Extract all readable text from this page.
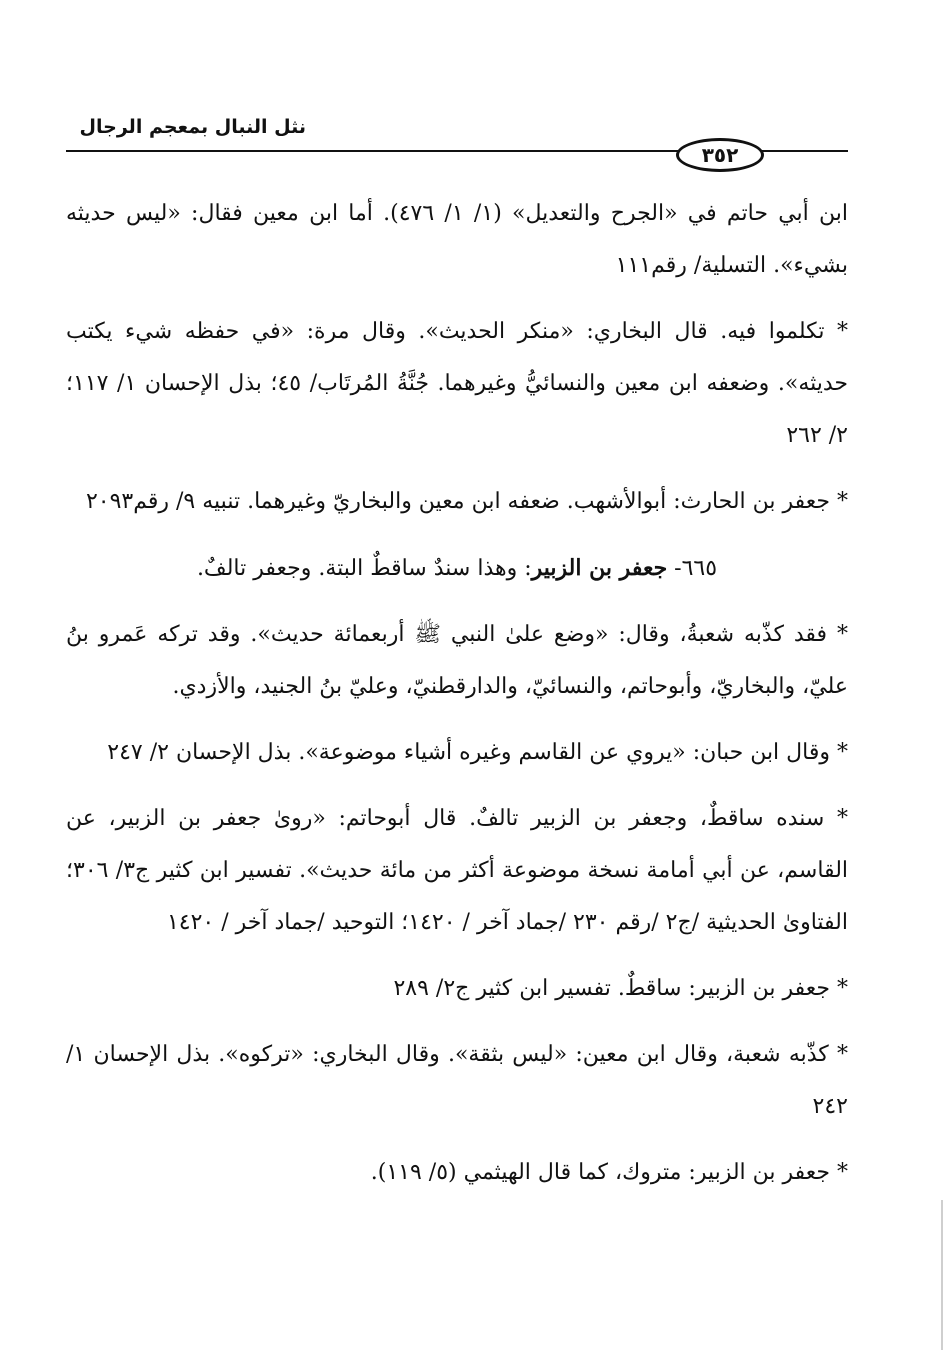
نثل النبال بمعجم الرجال
٣٥٢

ابن أبي حاتم في «الجرح والتعديل» (١/ ١/ ٤٧٦). أما ابن معين فقال: «ليس حديثه بشيء». التسلية/ رقم١١١

* تكلموا فيه. قال البخاري: «منكر الحديث». وقال مرة: «في حفظه شيء يكتب حديثه». وضعفه ابن معين والنسائيُّ وغيرهما. جُنَّةُ المُرتَاب/ ٤٥؛ بذل الإحسان ١/ ١١٧؛ ٢/ ٢٦٢

* جعفر بن الحارث: أبوالأشهب. ضعفه ابن معين والبخاريّ وغيرهما. تنبيه ٩/ رقم٢٠٩٣

٦٦٥- جعفر بن الزبير: وهذا سندٌ ساقطٌ البتة. وجعفر تالفٌ.

* فقد كذّبه شعبةُ، وقال: «وضع علىٰ النبي ﷺ أربعمائة حديث». وقد تركه عَمرو بنُ عليّ، والبخاريّ، وأبوحاتم، والنسائيّ، والدارقطنيّ، وعليّ بنُ الجنيد، والأزدي.

* وقال ابن حبان: «يروي عن القاسم وغيره أشياء موضوعة». بذل الإحسان ٢/ ٢٤٧

* سنده ساقطٌ، وجعفر بن الزبير تالفٌ. قال أبوحاتم: «روىٰ جعفر بن الزبير، عن القاسم، عن أبي أمامة نسخة موضوعة أكثر من مائة حديث». تفسير ابن كثير ج٣/ ٣٠٦؛ الفتاوىٰ الحديثية /ج٢ /رقم ٢٣٠ /جماد آخر / ١٤٢٠؛ التوحيد /جماد آخر / ١٤٢٠

* جعفر بن الزبير: ساقطٌ. تفسير ابن كثير ج٢/ ٢٨٩

* كذّبه شعبة، وقال ابن معين: «ليس بثقة». وقال البخاري: «تركوه». بذل الإحسان ١/ ٢٤٢

* جعفر بن الزبير: متروك، كما قال الهيثمي (٥/ ١١٩).
